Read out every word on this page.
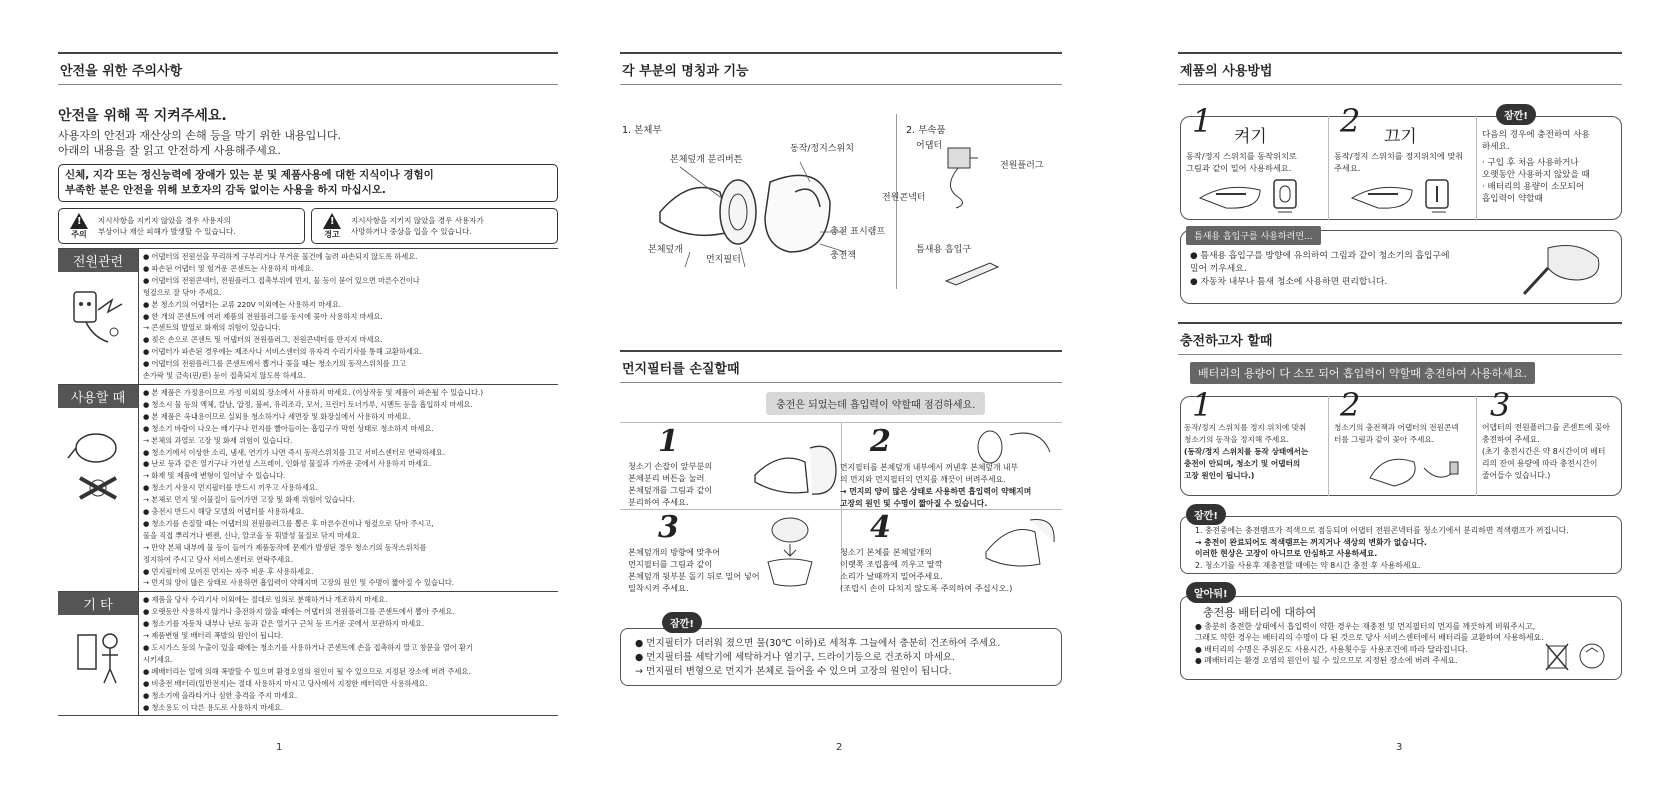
안전을 위한 주의사항
안전을 위해 꼭 지켜주세요.
사용자의 안전과 재산상의 손해 등을 막기 위한 내용입니다.
아래의 내용을 잘 읽고 안전하게 사용해주세요.
신체, 지각 또는 정신능력에 장애가 있는 분 및 제품사용에 대한 지식이나 경험이
부족한 분은 안전을 위해 보호자의 감독 없이는 사용을 하지 마십시오.
!
주의
지시사항을 지키지 않았을 경우 사용자의
부상이나 재산 피해가 발생할 수 있습니다.
!
경고
지시사항을 지키지 않았을 경우 사용자가
사망하거나 중상을 입을 수 있습니다.
전원관련	● 어댑터의 전원선을 무리하게 구부리거나 무거운 물건에 눌려 파손되지 않도록 하세요.
● 파손된 어댑터 및 헐거운 콘센트는 사용하지 마세요.
● 어댑터의 전원콘넥터, 전원플러그 접촉부위에 먼지, 물 등이 묻어 있으면 마른수건이나
헝겊으로 잘 닦아 주세요.
● 본 청소기의 어댑터는 교류 220V 이외에는 사용하지 마세요.
● 한 개의 콘센트에 여러 제품의 전원플러그를 동시에 꽂아 사용하지 마세요.
→ 콘센트의 발열로 화재의 위험이 있습니다.
● 젖은 손으로 콘센트 및 어댑터의 전원플러그, 전원콘넥터를 만지지 마세요.
● 어댑터가 파손된 경우에는 제조사나 서비스센터의 유자격 수리기사를 통해 교환하세요.
● 어댑터의 전원플러그를 콘센트에서 뽑거나 꽂을 때는 청소기의 동작스위치를 끄고
손가락 및 금속(핀/핀) 등이 접촉되지 않도록 하세요.
사용할 때	● 본 제품은 가정용이므로 가정 이외의 장소에서 사용하지 마세요. (이상작동 및 제품이 파손될 수 있습니다.)
● 청소시 물 등의 액체, 칼날, 압정, 불씨, 유리조각, 모서, 프린터 토너가루, 시멘트 등을 흡입하지 마세요.
● 본 제품은 옥내용이므로 실외용 청소하거나 세면장 및 화장실에서 사용하지 마세요.
● 청소기 바람이 나오는 배기구나 먼지를 빨아들이는 흡입구가 막힌 상태로 청소하지 마세요.
→ 본체의 과열로 고장 및 화재 위험이 있습니다.
● 청소기에서 이상한 소리, 냄새, 연기가 나면 즉시 동작스위치를 끄고 서비스센터로 연락하세요.
● 난로 등과 같은 열기구나 가연성 스프레이, 인화성 물질과 가까운 곳에서 사용하지 마세요.
→ 화재 및 제품에 변형이 일어날 수 있습니다.
● 청소기 사용시 먼지필터를 반드시 끼우고 사용하세요.
→ 본체로 먼지 및 이물질이 들어가면 고장 및 화재 위험이 있습니다.
● 충전시 반드시 해당 모델의 어댑터를 사용하세요.
● 청소기를 손질할 때는 어댑터의 전원플러그를 뽑은 후 마른수건이나 헝겊으로 닦아 주시고,
물을 직접 뿌리거나 벤젠, 신나, 알코올 등 휘발성 물질로 닦지 마세요.
→ 만약 본체 내부에 물 등이 들어가 제품동작에 문제가 발생된 경우 청소기의 동작스위치를
정지하여 주시고 당사 서비스센터로 연락주세요.
● 먼지필터에 모여진 먼지는 자주 비운 후 사용하세요.
→ 먼지의 양이 많은 상태로 사용하면 흡입력이 약해지며 고장의 원인 및 수명이 짧아질 수 있습니다.
기 타	● 제품을 당사 수리기사 이외에는 절대로 임의로 분해하거나 개조하지 마세요.
● 오랫동안 사용하지 않거나 충전하지 않을 때에는 어댑터의 전원플러그를 콘센트에서 뽑아 주세요.
● 청소기를 자동차 내부나 난로 등과 같은 열기구 근처 등 뜨거운 곳에서 보관하지 마세요.
→ 제품변형 및 배터리 폭발의 원인이 됩니다.
● 도시가스 등의 누출이 있을 때에는 청소기를 사용하거나 콘센트에 손을 접촉하지 말고 창문을 열어 환기
시키세요.
● 폐배터리는 열에 의해 폭발할 수 있으며 환경오염의 원인이 될 수 있으므로 지정된 장소에 버려 주세요.
● 비충전 배터리(일반전지)는 절대 사용하지 마시고 당사에서 지정한 배터리만 사용하세요.
● 청소기에 올라타거나 심한 충격을 주지 마세요.
● 청소용도 이 다른 용도로 사용하지 마세요.
1
각 부분의 명칭과 기능
1. 본체부	2. 부속품
본체덮개 분리버튼
동작/정지스위치
충전 표시램프
충전잭
본체덮개
먼지필터
어댑터
전원플러그
전원콘넥터
틈새용 흡입구
먼지필터를 손질할때
충전은 되었는데 흡입력이 약할때 점검하세요.
1
청소기 손잡이 앞부분의
본체분리 버튼을 눌러
본체덮개를 그림과 같이
분리하여 주세요.
2
먼지필터를 본체덮개 내부에서 꺼낸후 본체덮개 내부
의 먼지와 먼지필터의 먼지를 깨끗이 버려주세요.
→ 먼지의 양이 많은 상태로 사용하면 흡입력이 약해지며
고장의 원인 및 수명이 짧아질 수 있습니다.
3
본체덮개의 방향에 맞추어
먼지필터를 그림과 같이
본체덮개 뒷부분 돌기 뒤로 밀어 넣어
밀착시켜 주세요.
4
청소기 본체를 본체덮개의
이랫쪽 조립홈에 끼우고 딸깍
소리가 날때까지 밀어주세요.
(조립시 손이 다치지 않도록 주의하여 주십시오.)
잠깐!
● 먼지필터가 더러워 졌으면 물(30℃ 이하)로 세척후 그늘에서 충분히 건조하여 주세요.
● 먼지필터를 세탁기에 세탁하거나 열기구, 드라이기등으로 건조하지 마세요.
→ 먼지필터 변형으로 먼지가 본체로 들어올 수 있으며 고장의 원인이 됩니다.
2
제품의 사용방법
1 켜기
동작/정지 스위치를 동작위치로
그림과 같이 밀어 사용하세요.
2 끄기
동작/정지 스위치를 정지위치에 맞춰
주세요.
잠깐!
다음의 경우에 충전하여 사용
하세요.
· 구입 후 처음 사용하거나
오랫동안 사용하지 않았을 때
· 배터리의 용량이 소모되어
흡입력이 약할때
틈새용 흡입구를 사용하려면...
● 틈새용 흡입구를 방향에 유의하여 그림과 같이 청소기의 흡입구에
밀어 끼우세요.
● 자동차 내부나 틈새 청소에 사용하면 편리합니다.
충전하고자 할때
배터리의 용량이 다 소모 되어 흡입력이 약할때 충전하여 사용하세요.
1
동작/정지 스위치를 정지 위치에 맞춰
청소기의 동작을 정지해 주세요.
(동작/정지 스위치를 동작 상태에서는
충전이 안되며, 청소기 및 어댑터의
고장 원인이 됩니다.)
2
청소기의 충전잭과 어댑터의 전원콘넥
터를 그림과 같이 꽂아 주세요.
3
어댑터의 전원플러그를 콘센트에 꽂아
충전하여 주세요.
(초기 충전시간은 약 8시간이며 배터
리의 잔여 용량에 따라 충전시간이
줄어들수 있습니다.)
잠깐!
1. 충전중에는 충전램프가 적색으로 점등되며 어댑터 전원콘넥터를 청소기에서 분리하면 적색램프가 꺼집니다.
→ 충전이 완료되어도 적색램프는 꺼지거나 색상의 변화가 없습니다.
이러한 현상은 고장이 아니므로 안심하고 사용하세요.
2. 청소기를 사용후 재충전할 때에는 약 8시간 충전 후 사용하세요.
알아둬!
충전용 배터리에 대하여
● 충분히 충전한 상태에서 흡입력이 약한 경우는 재충전 및 먼지필터의 먼지를 깨끗하게 비워주시고,
그래도 약한 경우는 배터리의 수명이 다 된 것으로 당사 서비스센터에서 배터리를 교환하여 사용하세요.
● 배터리의 수명은 주위온도 사용시간, 사용횟수등 사용조건에 따라 달라집니다.
● 폐배터리는 환경 오염의 원인이 될 수 있으므로 지정된 장소에 버려 주세요.
3
